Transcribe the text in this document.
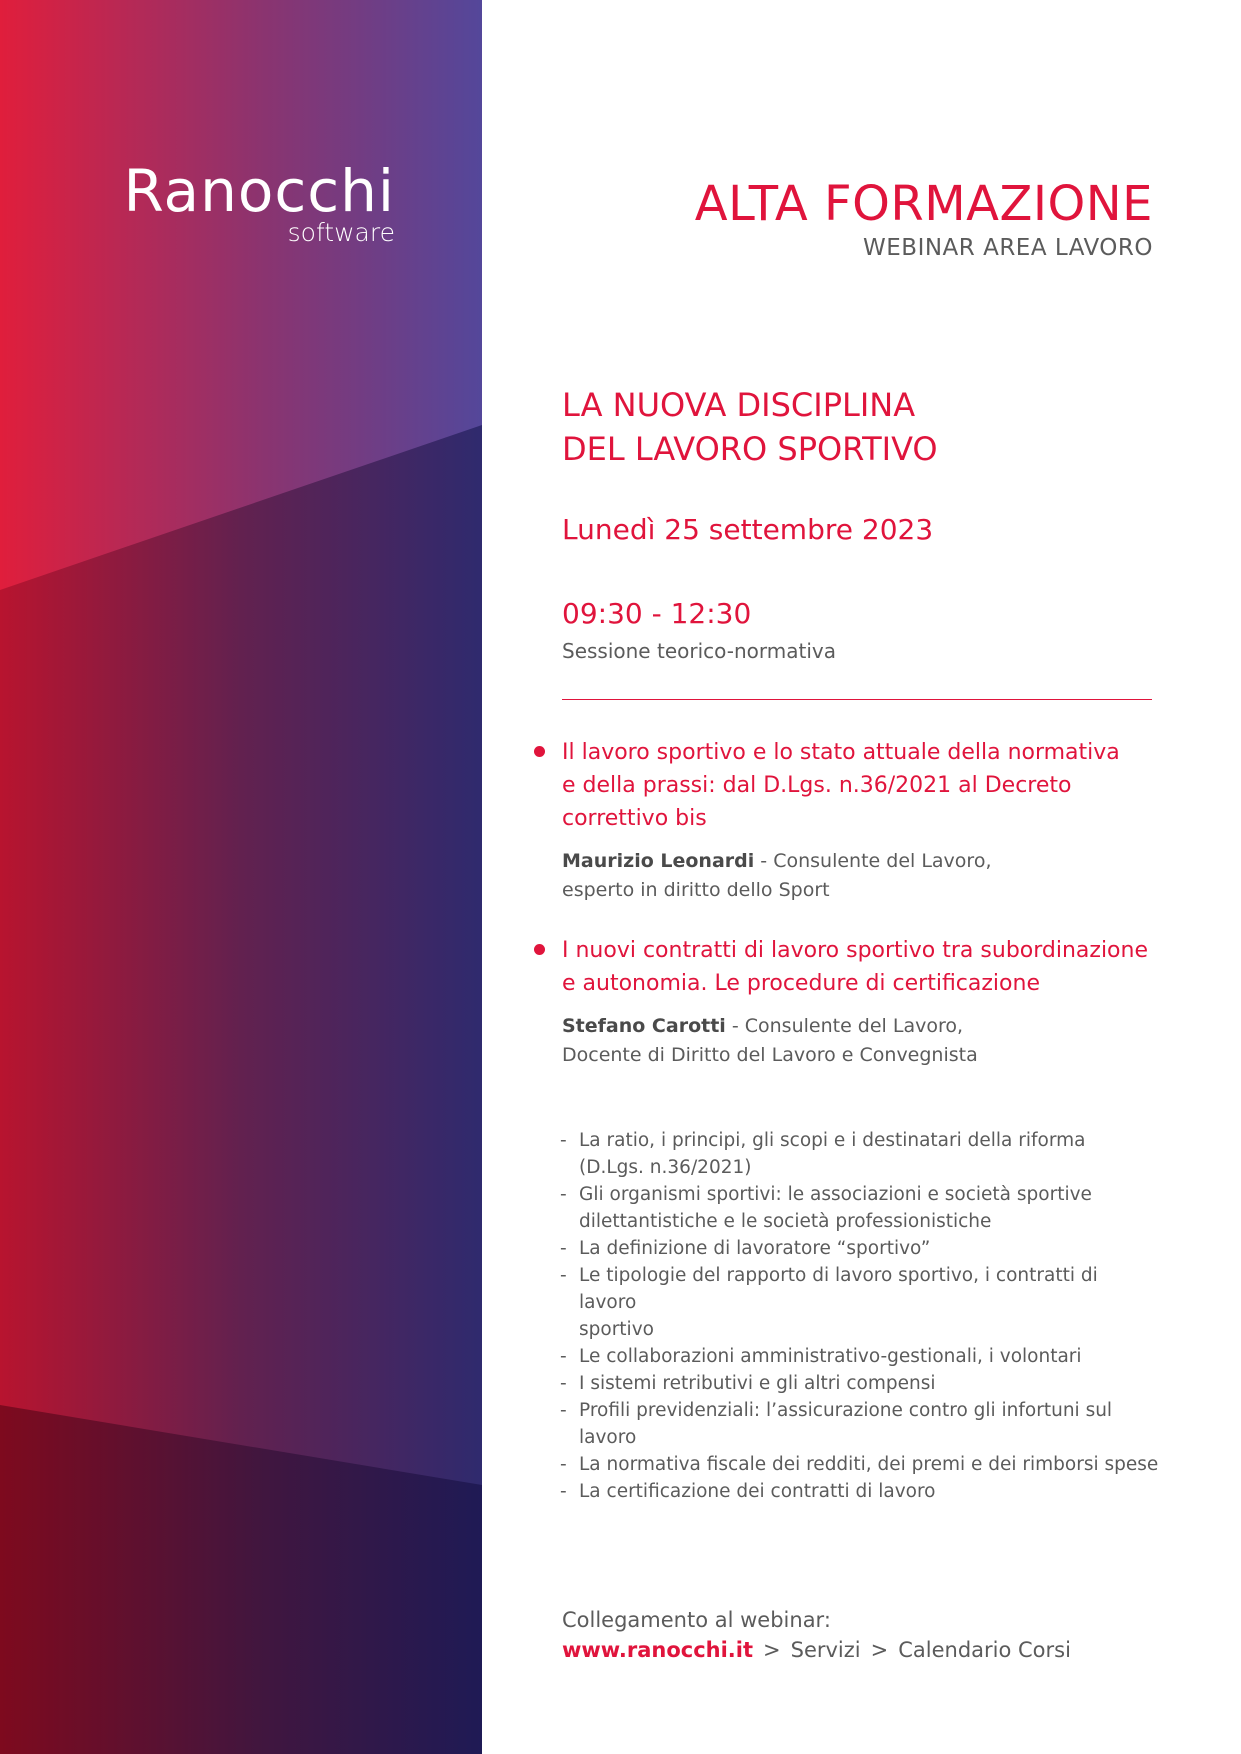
Ranocchi
software
ALTA FORMAZIONE
WEBINAR AREA LAVORO
LA NUOVA DISCIPLINA
DEL LAVORO SPORTIVO
Lunedì 25 settembre 2023
09:30 - 12:30
Sessione teorico-normativa
Il lavoro sportivo e lo stato attuale della normativa
e della prassi: dal D.Lgs. n.36/2021 al Decreto
correttivo bis
Maurizio Leonardi - Consulente del Lavoro,
esperto in diritto dello Sport
I nuovi contratti di lavoro sportivo tra subordinazione
e autonomia. Le procedure di certificazione
Stefano Carotti - Consulente del Lavoro,
Docente di Diritto del Lavoro e Convegnista
- La ratio, i principi, gli scopi e i destinatari della riforma
(D.Lgs. n.36/2021)
- Gli organismi sportivi: le associazioni e società sportive
dilettantistiche e le società professionistiche
- La definizione di lavoratore “sportivo”
- Le tipologie del rapporto di lavoro sportivo, i contratti di lavoro
sportivo
- Le collaborazioni amministrativo-gestionali, i volontari
- I sistemi retributivi e gli altri compensi
- Profili previdenziali: l’assicurazione contro gli infortuni sul lavoro
- La normativa fiscale dei redditi, dei premi e dei rimborsi spese
- La certificazione dei contratti di lavoro
Collegamento al webinar:
www.ranocchi.it > Servizi > Calendario Corsi
